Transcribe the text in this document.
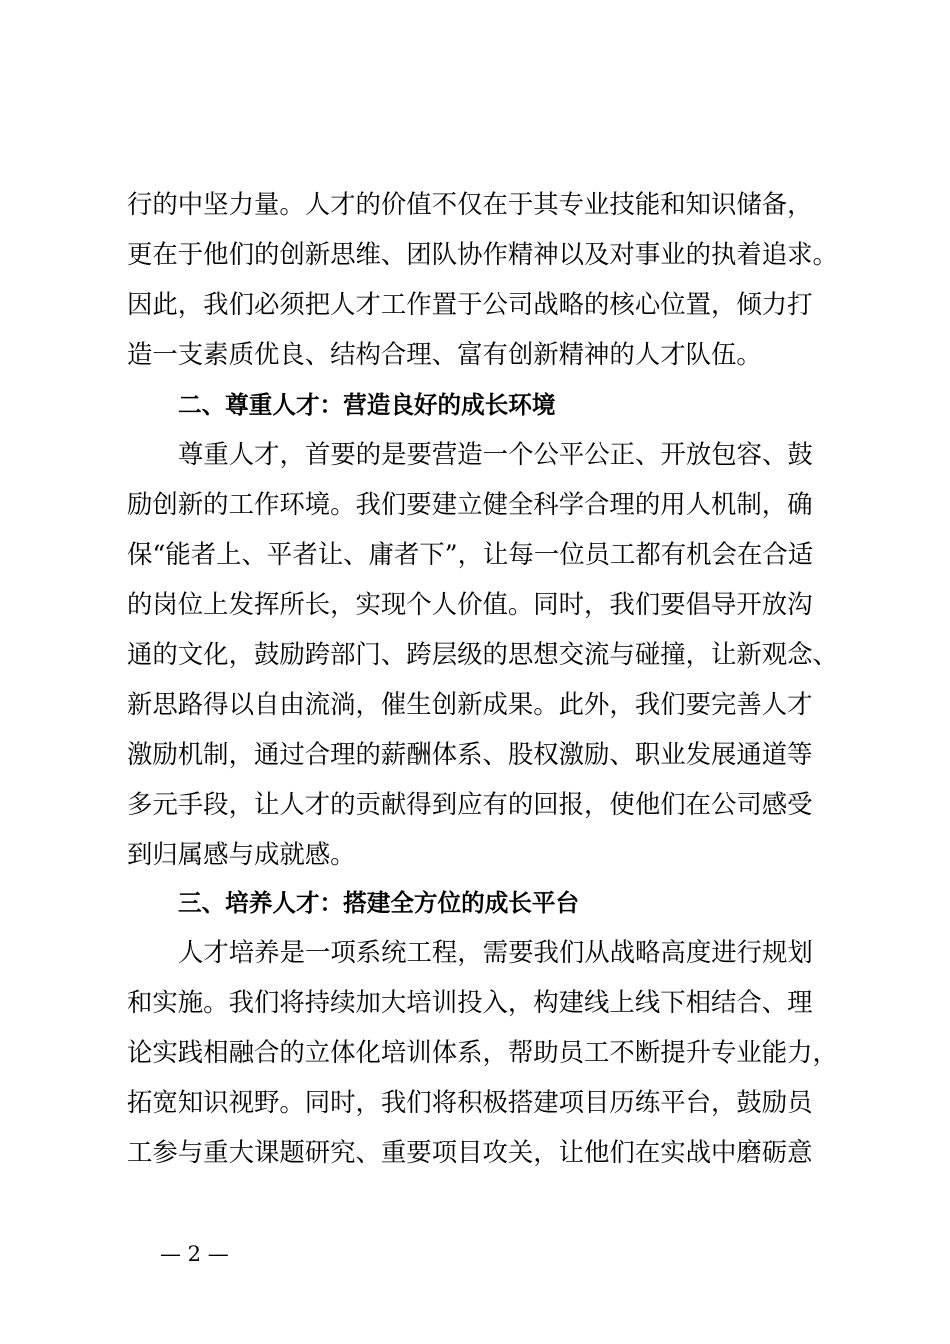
行的中坚力量。人才的价值不仅在于其专业技能和知识储备，
更在于他们的创新思维、团队协作精神以及对事业的执着追求。
因此，我们必须把人才工作置于公司战略的核心位置，倾力打
造一支素质优良、结构合理、富有创新精神的人才队伍。
二、尊重人才：营造良好的成长环境
尊重人才，首要的是要营造一个公平公正、开放包容、鼓
励创新的工作环境。我们要建立健全科学合理的用人机制，确
保“能者上、平者让、庸者下”，让每一位员工都有机会在合适
的岗位上发挥所长，实现个人价值。同时，我们要倡导开放沟
通的文化，鼓励跨部门、跨层级的思想交流与碰撞，让新观念、
新思路得以自由流淌，催生创新成果。此外，我们要完善人才
激励机制，通过合理的薪酬体系、股权激励、职业发展通道等
多元手段，让人才的贡献得到应有的回报，使他们在公司感受
到归属感与成就感。
三、培养人才：搭建全方位的成长平台
人才培养是一项系统工程，需要我们从战略高度进行规划
和实施。我们将持续加大培训投入，构建线上线下相结合、理
论实践相融合的立体化培训体系，帮助员工不断提升专业能力，
拓宽知识视野。同时，我们将积极搭建项目历练平台，鼓励员
工参与重大课题研究、重要项目攻关，让他们在实战中磨砺意
— 2 —
